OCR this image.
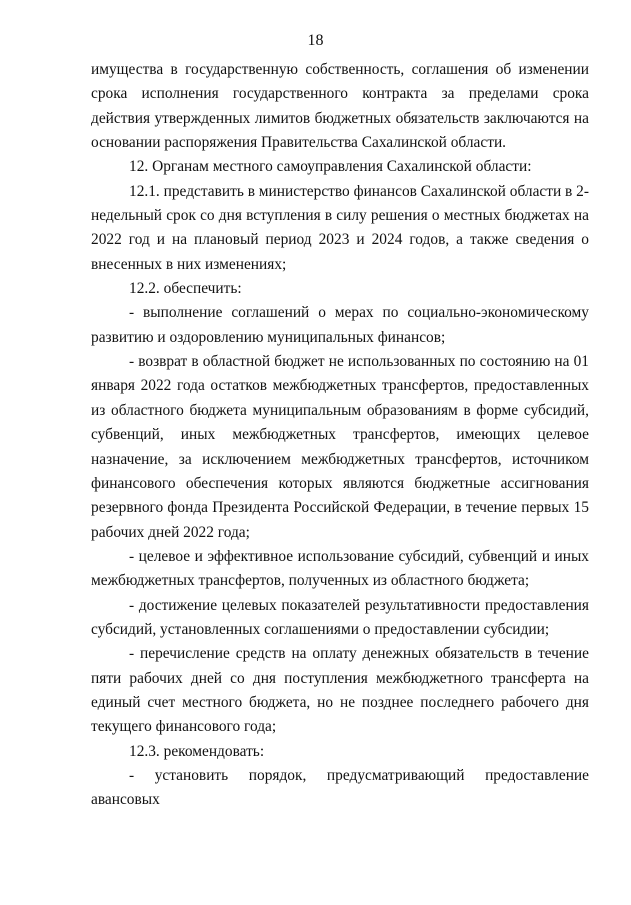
18

имущества в государственную собственность, соглашения об изменении срока исполнения государственного контракта за пределами срока действия утвержденных лимитов бюджетных обязательств заключаются на основании распоряжения Правительства Сахалинской области.

12. Органам местного самоуправления Сахалинской области:

12.1. представить в министерство финансов Сахалинской области в 2-недельный срок со дня вступления в силу решения о местных бюджетах на 2022 год и на плановый период 2023 и 2024 годов, а также сведения о внесенных в них изменениях;

12.2. обеспечить:

- выполнение соглашений о мерах по социально-экономическому развитию и оздоровлению муниципальных финансов;

- возврат в областной бюджет не использованных по состоянию на 01 января 2022 года остатков межбюджетных трансфертов, предоставленных из областного бюджета муниципальным образованиям в форме субсидий, субвенций, иных межбюджетных трансфертов, имеющих целевое назначение, за исключением межбюджетных трансфертов, источником финансового обеспечения которых являются бюджетные ассигнования резервного фонда Президента Российской Федерации, в течение первых 15 рабочих дней 2022 года;

- целевое и эффективное использование субсидий, субвенций и иных межбюджетных трансфертов, полученных из областного бюджета;

- достижение целевых показателей результативности предоставления субсидий, установленных соглашениями о предоставлении субсидии;

- перечисление средств на оплату денежных обязательств в течение пяти рабочих дней со дня поступления межбюджетного трансферта на единый счет местного бюджета, но не позднее последнего рабочего дня текущего финансового года;

12.3. рекомендовать:

- установить порядок, предусматривающий предоставление авансовых
